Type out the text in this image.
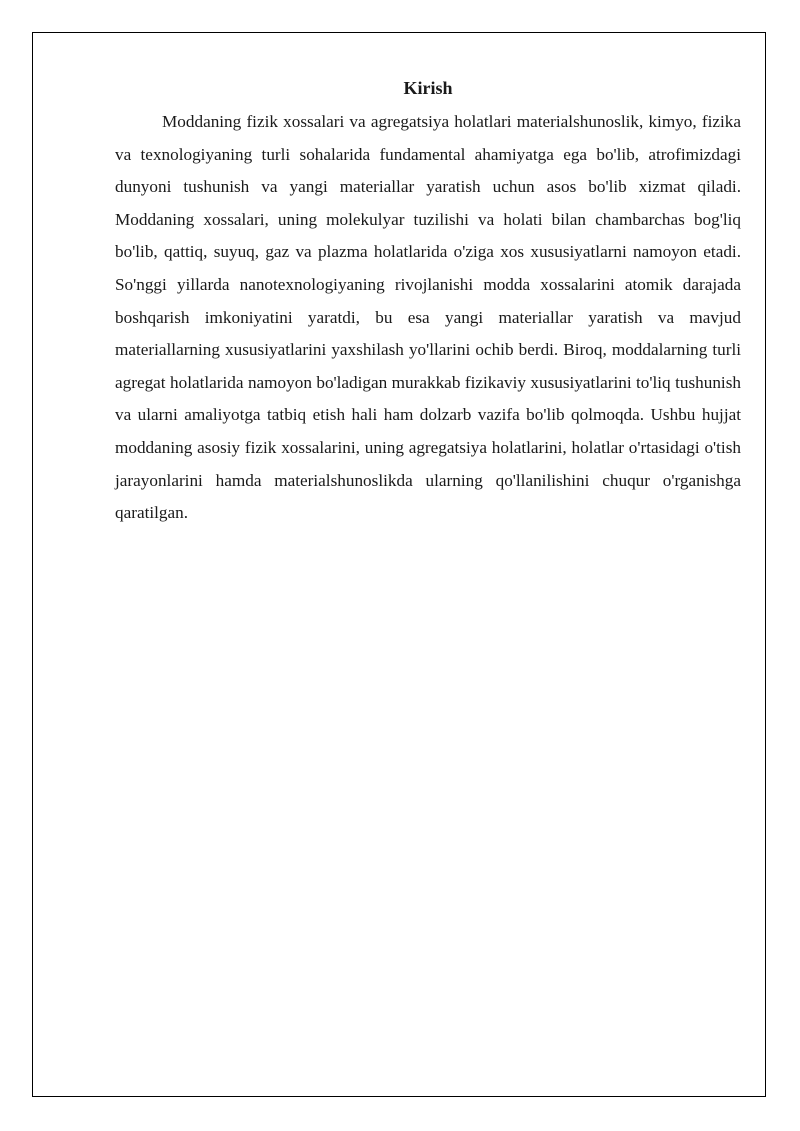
Kirish

Moddaning fizik xossalari va agregatsiya holatlari materialshunoslik, kimyo, fizika va texnologiyaning turli sohalarida fundamental ahamiyatga ega bo'lib, atrofimizdagi dunyoni tushunish va yangi materiallar yaratish uchun asos bo'lib xizmat qiladi. Moddaning xossalari, uning molekulyar tuzilishi va holati bilan chambarchas bog'liq bo'lib, qattiq, suyuq, gaz va plazma holatlarida o'ziga xos xususiyatlarni namoyon etadi. So'nggi yillarda nanotexnologiyaning rivojlanishi modda xossalarini atomik darajada boshqarish imkoniyatini yaratdi, bu esa yangi materiallar yaratish va mavjud materiallarning xususiyatlarini yaxshilash yo'llarini ochib berdi. Biroq, moddalarning turli agregat holatlarida namoyon bo'ladigan murakkab fizikaviy xususiyatlarini to'liq tushunish va ularni amaliyotga tatbiq etish hali ham dolzarb vazifa bo'lib qolmoqda. Ushbu hujjat moddaning asosiy fizik xossalarini, uning agregatsiya holatlarini, holatlar o'rtasidagi o'tish jarayonlarini hamda materialshunoslikda ularning qo'llanilishini chuqur o'rganishga qaratilgan.
